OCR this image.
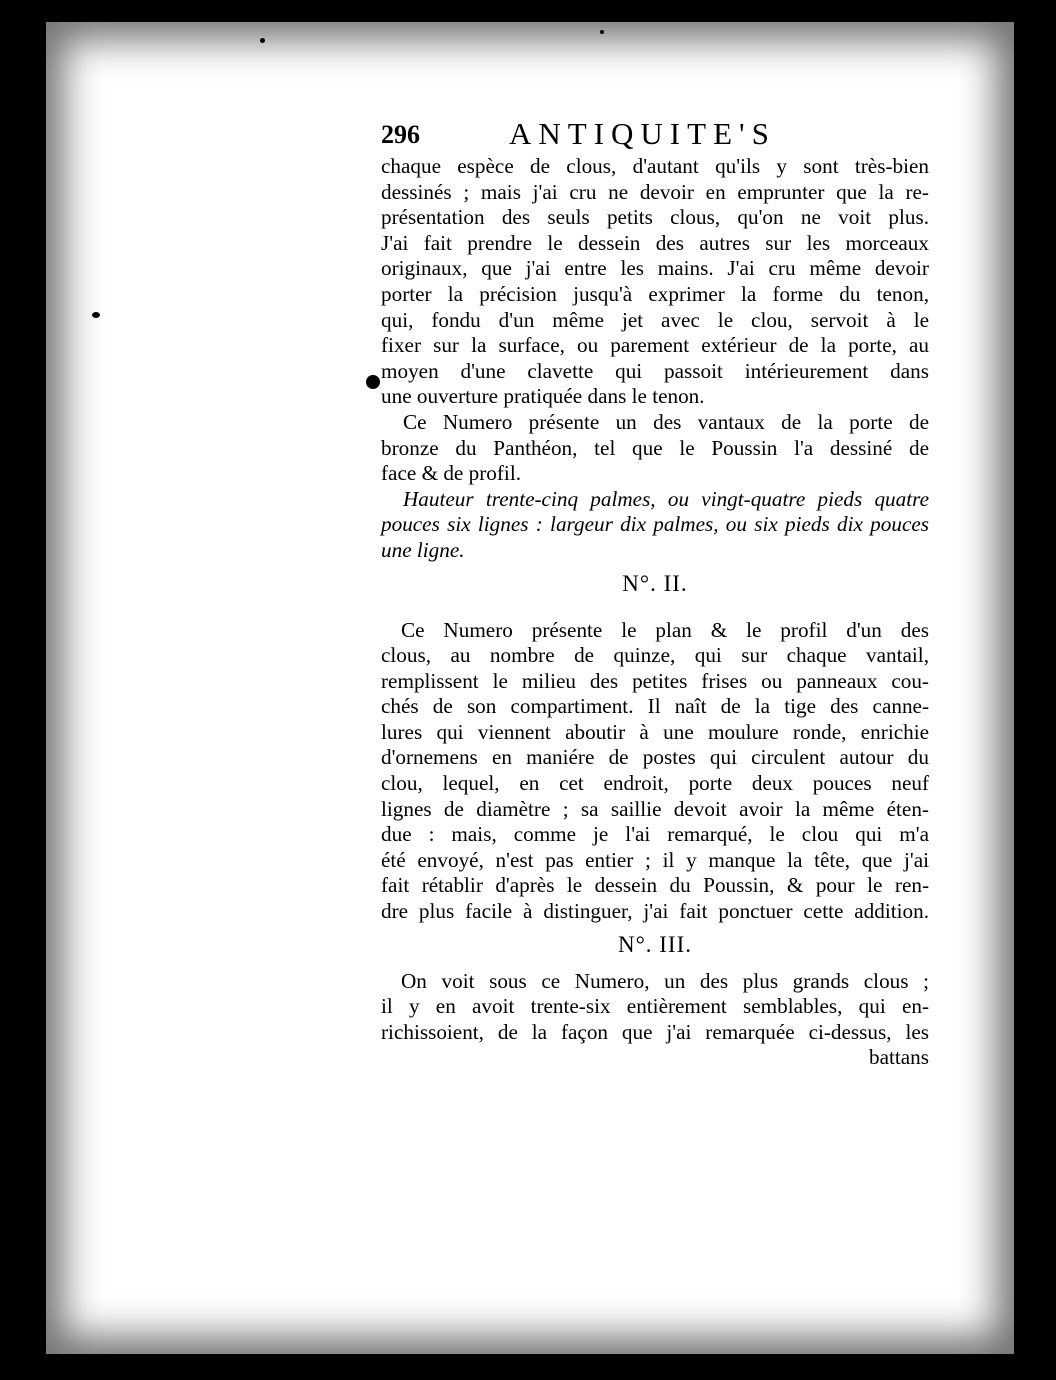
296	ANTIQUITE'S
chaque espèce de clous, d'autant qu'ils y sont très-bien
dessinés ; mais j'ai cru ne devoir en emprunter que la re-
présentation des seuls petits clous, qu'on ne voit plus.
J'ai fait prendre le dessein des autres sur les morceaux
originaux, que j'ai entre les mains. J'ai cru même devoir
porter la précision jusqu'à exprimer la forme du tenon,
qui, fondu d'un même jet avec le clou, servoit à le
fixer sur la surface, ou parement extérieur de la porte, au
moyen d'une clavette qui passoit intérieurement dans
une ouverture pratiquée dans le tenon.
Ce Numero présente un des vantaux de la porte de
bronze du Panthéon, tel que le Poussin l'a dessiné de
face & de profil.
Hauteur trente-cinq palmes, ou vingt-quatre pieds quatre
pouces six lignes : largeur dix palmes, ou six pieds dix pouces
une ligne.
N°. II.
Ce Numero présente le plan & le profil d'un des
clous, au nombre de quinze, qui sur chaque vantail,
remplissent le milieu des petites frises ou panneaux cou-
chés de son compartiment. Il naît de la tige des canne-
lures qui viennent aboutir à une moulure ronde, enrichie
d'ornemens en maniére de postes qui circulent autour du
clou, lequel, en cet endroit, porte deux pouces neuf
lignes de diamètre ; sa saillie devoit avoir la même éten-
due : mais, comme je l'ai remarqué, le clou qui m'a
été envoyé, n'est pas entier ; il y manque la tête, que j'ai
fait rétablir d'après le dessein du Poussin, & pour le ren-
dre plus facile à distinguer, j'ai fait ponctuer cette addition.
N°. III.
On voit sous ce Numero, un des plus grands clous ;
il y en avoit trente-six entièrement semblables, qui en-
richissoient, de la façon que j'ai remarquée ci-dessus, les
battans
